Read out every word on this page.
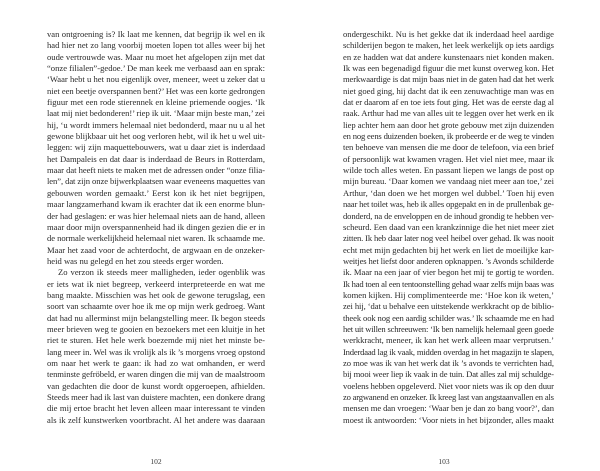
van ontgroening is? Ik laat me kennen, dat begrijp ik wel en ik
had hier net zo lang voorbij moeten lopen tot alles weer bij het
oude vertrouwde was. Maar nu moet het afgelopen zijn met dat
“onze filialen”-gedoe.’ De man keek me verbaasd aan en sprak:
‘Waar hebt u het nou eigenlijk over, meneer, weet u zeker dat u
niet een beetje overspannen bent?’ Het was een korte gedrongen
figuur met een rode stierennek en kleine priemende oogjes. ‘Ik
laat mij niet bedonderen!’ riep ik uit. ‘Maar mijn beste man,’ zei
hij, ‘u wordt immers helemaal niet bedonderd, maar nu u al het
gewone blijkbaar uit het oog verloren hebt, wil ik het u wel uit-
leggen: wij zijn maquettebouwers, wat u daar ziet is inderdaad
het Dampaleis en dat daar is inderdaad de Beurs in Rotterdam,
maar dat heeft niets te maken met de adressen onder “onze filia-
len”, dat zijn onze bijwerkplaatsen waar eveneens maquettes van
gebouwen worden gemaakt.’ Eerst kon ik het niet begrijpen,
maar langzamerhand kwam ik erachter dat ik een enorme blun-
der had geslagen: er was hier helemaal niets aan de hand, alleen
maar door mijn overspannenheid had ik dingen gezien die er in
de normale werkelijkheid helemaal niet waren. Ik schaamde me.
Maar het zaad voor de achterdocht, de argwaan en de onzeker-
heid was nu gelegd en het zou steeds erger worden.
Zo verzon ik steeds meer malligheden, ieder ogenblik was
er iets wat ik niet begreep, verkeerd interpreteerde en wat me
bang maakte. Misschien was het ook de gewone terugslag, een
soort van schaamte over hoe ik me op mijn werk gedroeg. Want
dat had nu allerminst mijn belangstelling meer. Ik begon steeds
meer brieven weg te gooien en bezoekers met een kluitje in het
riet te sturen. Het hele werk boezemde mij niet het minste be-
lang meer in. Wel was ik vrolijk als ik ’s morgens vroeg opstond
om naar het werk te gaan: ik had zo wat omhanden, er werd
tenminste gefröbeld, er waren dingen die mij van de maalstroom
van gedachten die door de kunst wordt opgeroepen, afhielden.
Steeds meer had ik last van duistere machten, een donkere drang
die mij ertoe bracht het leven alleen maar interessant te vinden
als ik zelf kunstwerken voortbracht. Al het andere was daaraan
102
ondergeschikt. Nu is het gekke dat ik inderdaad heel aardige
schilderijen begon te maken, het leek werkelijk op iets aardigs
en ze hadden wat dat andere kunstenaars niet konden maken.
Ik was een begenadigd figuur die met kunst overweg kon. Het
merkwaardige is dat mijn baas niet in de gaten had dat het werk
niet goed ging, hij dacht dat ik een zenuwachtige man was en
dat er daarom af en toe iets fout ging. Het was de eerste dag al
raak. Arthur had me van alles uit te leggen over het werk en ik
liep achter hem aan door het grote gebouw met zijn duizenden
en nog eens duizenden boeken, ik probeerde er de weg te vinden
ten behoeve van mensen die me door de telefoon, via een brief
of persoonlijk wat kwamen vragen. Het viel niet mee, maar ik
wilde toch alles weten. En passant liepen we langs de post op
mijn bureau. ‘Daar komen we vandaag niet meer aan toe,’ zei
Arthur, ‘dan doen we het morgen wel dubbel.’ Toen hij even
naar het toilet was, heb ik alles opgepakt en in de prullenbak ge-
donderd, na de enveloppen en de inhoud grondig te hebben ver-
scheurd. Een daad van een krankzinnige die het niet meer ziet
zitten. Ik heb daar later nog veel heibel over gehad. Ik was nooit
echt met mijn gedachten bij het werk en liet de moeilijke kar-
weitjes het liefst door anderen opknappen. ’s Avonds schilderde
ik. Maar na een jaar of vier begon het mij te gortig te worden.
Ik had toen al een tentoonstelling gehad waar zelfs mijn baas was
komen kijken. Hij complimenteerde me: ‘Hoe kon ik weten,’
zei hij, ‘dat u behalve een uitstekende werkkracht op de biblio-
theek ook nog een aardig schilder was.’ Ik schaamde me en had
het uit willen schreeuwen: ‘Ik ben namelijk helemaal geen goede
werkkracht, meneer, ik kan het werk alleen maar verprutsen.’
Inderdaad lag ik vaak, midden overdag in het magazijn te slapen,
zo moe was ik van het werk dat ik ’s avonds te verrichten had,
bij mooi weer liep ik vaak in de tuin. Dat alles zal mij schuldge-
voelens hebben opgeleverd. Niet voor niets was ik op den duur
zo argwanend en onzeker. Ik kreeg last van angstaanvallen en als
mensen me dan vroegen: ‘Waar ben je dan zo bang voor?’, dan
moest ik antwoorden: ‘Voor niets in het bijzonder, alles maakt
103
